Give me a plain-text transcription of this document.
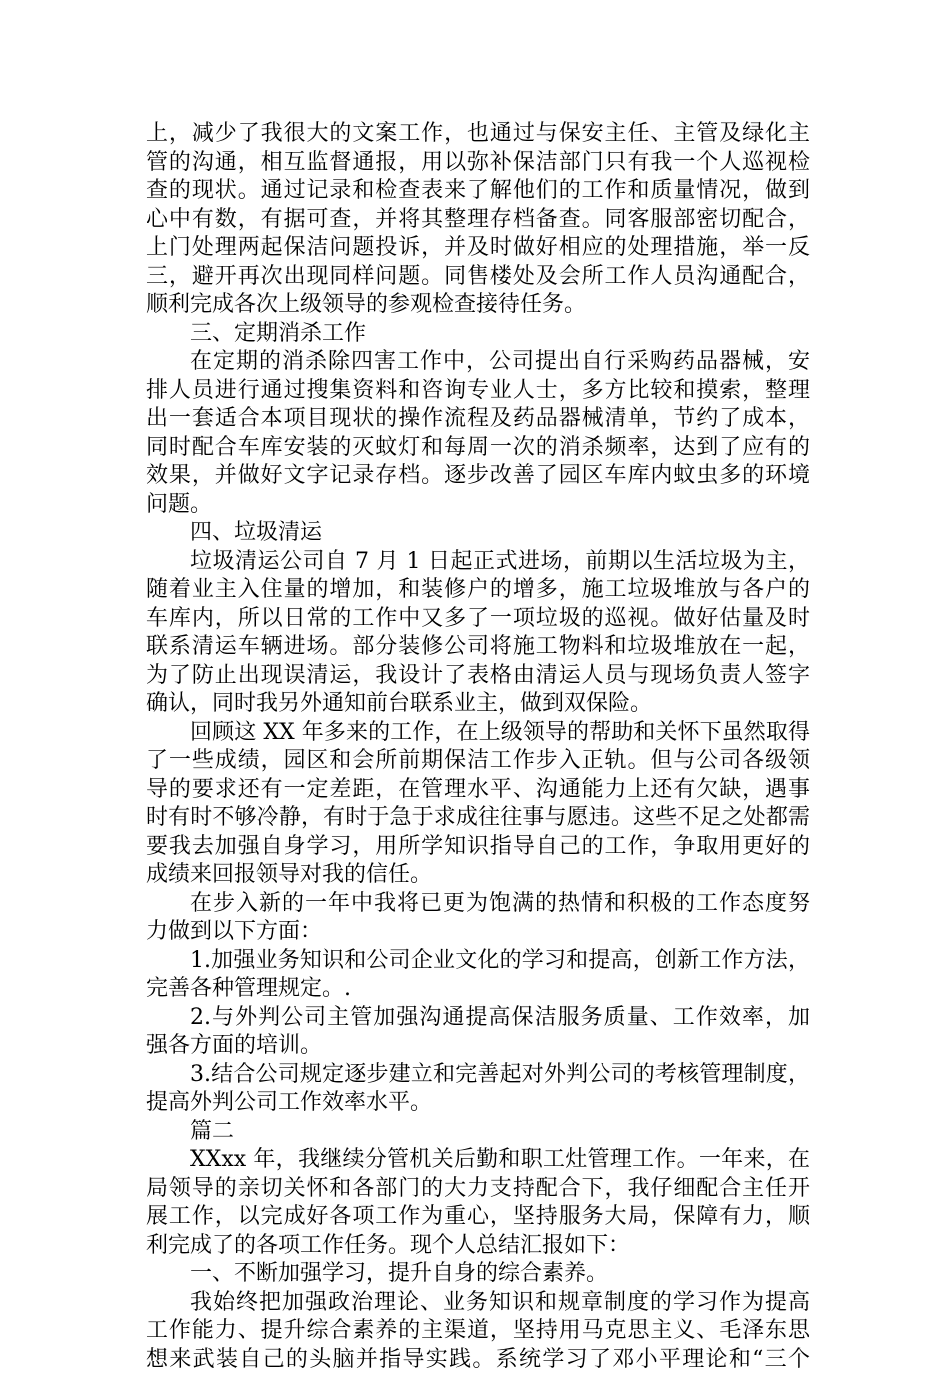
上，减少了我很大的文案工作，也通过与保安主任、主管及绿化主
管的沟通，相互监督通报，用以弥补保洁部门只有我一个人巡视检
查的现状。通过记录和检查表来了解他们的工作和质量情况，做到
心中有数，有据可查，并将其整理存档备查。同客服部密切配合，
上门处理两起保洁问题投诉，并及时做好相应的处理措施，举一反
三，避开再次出现同样问题。同售楼处及会所工作人员沟通配合，
顺利完成各次上级领导的参观检查接待任务。
三、定期消杀工作
在定期的消杀除四害工作中，公司提出自行采购药品器械，安
排人员进行通过搜集资料和咨询专业人士，多方比较和摸索，整理
出一套适合本项目现状的操作流程及药品器械清单，节约了成本，
同时配合车库安装的灭蚊灯和每周一次的消杀频率，达到了应有的
效果，并做好文字记录存档。逐步改善了园区车库内蚊虫多的环境
问题。
四、垃圾清运
垃圾清运公司自 7 月 1 日起正式进场，前期以生活垃圾为主，
随着业主入住量的增加，和装修户的增多，施工垃圾堆放与各户的
车库内，所以日常的工作中又多了一项垃圾的巡视。做好估量及时
联系清运车辆进场。部分装修公司将施工物料和垃圾堆放在一起，
为了防止出现误清运，我设计了表格由清运人员与现场负责人签字
确认，同时我另外通知前台联系业主，做到双保险。
回顾这 XX 年多来的工作，在上级领导的帮助和关怀下虽然取得
了一些成绩，园区和会所前期保洁工作步入正轨。但与公司各级领
导的要求还有一定差距，在管理水平、沟通能力上还有欠缺，遇事
时有时不够冷静，有时于急于求成往往事与愿违。这些不足之处都需
要我去加强自身学习，用所学知识指导自己的工作，争取用更好的
成绩来回报领导对我的信任。
在步入新的一年中我将已更为饱满的热情和积极的工作态度努
力做到以下方面：
1.加强业务知识和公司企业文化的学习和提高，创新工作方法，
完善各种管理规定。.
2.与外判公司主管加强沟通提高保洁服务质量、工作效率，加
强各方面的培训。
3.结合公司规定逐步建立和完善起对外判公司的考核管理制度，
提高外判公司工作效率水平。
篇二
XXxx 年，我继续分管机关后勤和职工灶管理工作。一年来，在
局领导的亲切关怀和各部门的大力支持配合下，我仔细配合主任开
展工作，以完成好各项工作为重心，坚持服务大局，保障有力，顺
利完成了的各项工作任务。现个人总结汇报如下：
一、不断加强学习，提升自身的综合素养。
我始终把加强政治理论、业务知识和规章制度的学习作为提高
工作能力、提升综合素养的主渠道，坚持用马克思主义、毛泽东思
想来武装自己的头脑并指导实践。系统学习了邓小平理论和“三个
